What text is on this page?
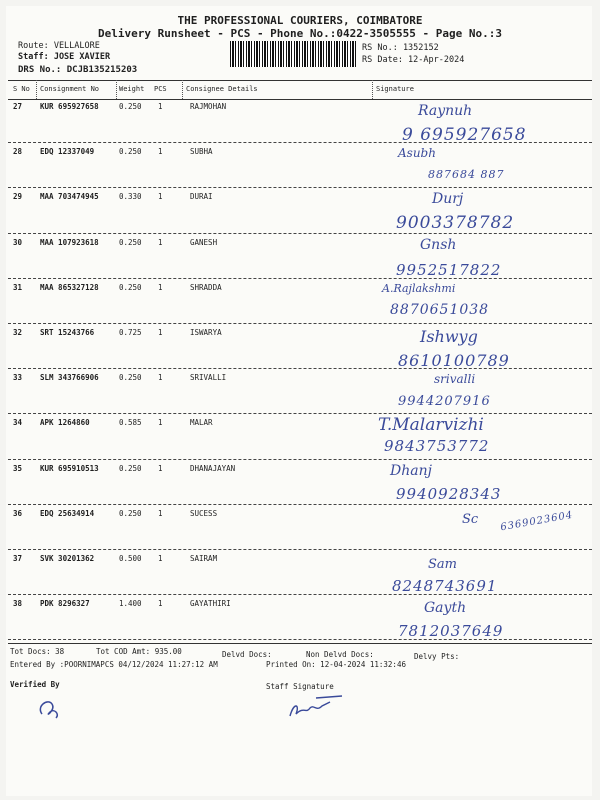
THE PROFESSIONAL COURIERS, COIMBATORE
Delivery Runsheet - PCS - Phone No.:0422-3505555 - Page No.:3
Route: VELLALORE
Staff: JOSE XAVIER
DRS No.: DCJB135215203
RS No.: 1352152
RS Date: 12-Apr-2024
S No Consignment No	Weight PCS	Consignee Details	Signature
27 KUR 695927658	0.250 1	RAJMOHAN	Raynuh
9 695927658
28 EDQ 12337049	0.250 1	SUBHA	Asubh
887684 887
29 MAA 703474945	0.330 1	DURAI	Durj
9003378782
30 MAA 107923618	0.250 1	GANESH	Gnsh
9952517822
31 MAA 865327128	0.250 1	SHRADDA	A.Rajlakshmi
8870651038
32 SRT 15243766	0.725 1	ISWARYA	Ishwyg
8610100789
33 SLM 343766906	0.250 1	SRIVALLI	srivalli
9944207916
34 APK 1264860	0.585 1	MALAR	T.Malarvizhi
9843753772
35 KUR 695910513	0.250 1	DHANAJAYAN	Dhanj
9940928343
36 EDQ 25634914	0.250 1	SUCESS	Sc 6369023604
37 SVK 30201362	0.500 1	SAIRAM	Sam
8248743691
38 PDK 8296327	1.400 1	GAYATHIRI	Gayth
7812037649
Tot Docs: 38	Tot COD Amt: 935.00	Delvd Docs:	Non Delvd Docs:	Delvy Pts:
Entered By :POORNIMAPCS 04/12/2024 11:27:12 AM	Printed On: 12-04-2024 11:32:46
Verified By	Staff Signature
